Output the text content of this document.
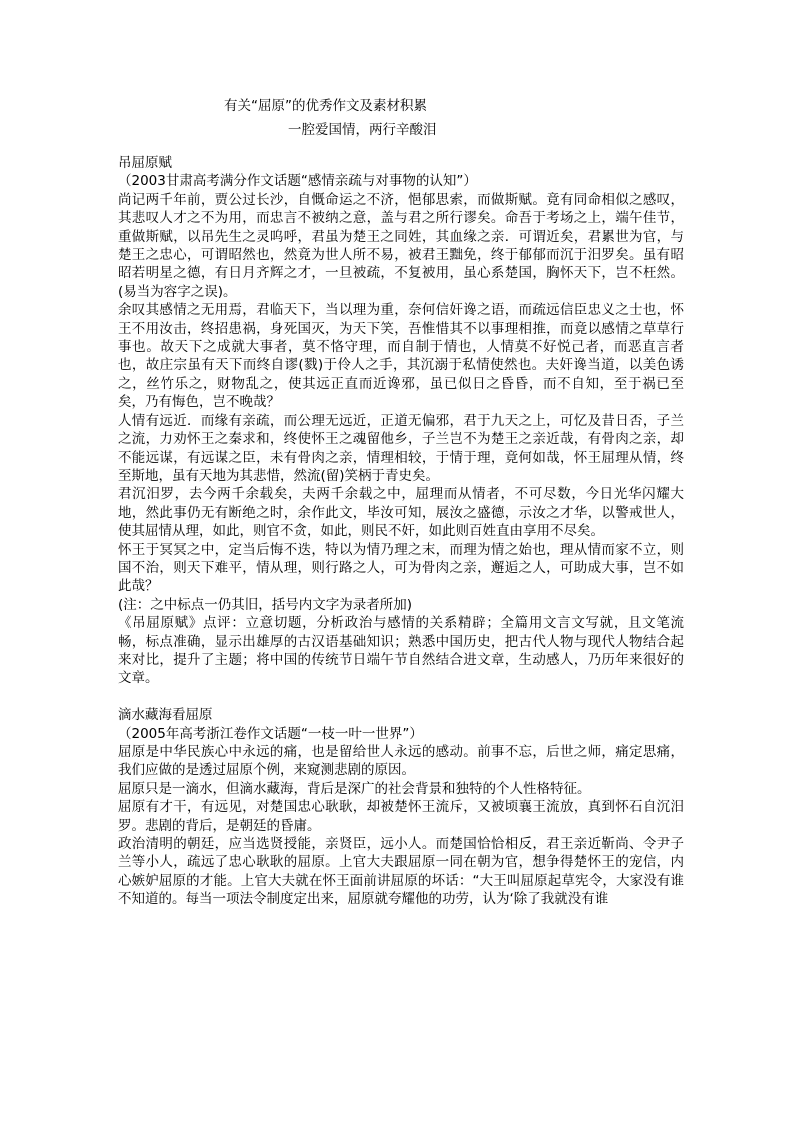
有关“屈原”的优秀作文及素材积累
一腔爱国情，两行辛酸泪

吊屈原赋

（2003甘肃高考满分作文话题“感情亲疏与对事物的认知”）

尚记两千年前，贾公过长沙，自慨命运之不济，悒郁思索，而做斯赋。竟有同命相似之感叹，其悲叹人才之不为用，而忠言不被纳之意，盖与君之所行谬矣。命吾于考场之上，端午佳节，重做斯赋，以吊先生之灵呜呼，君虽为楚王之同姓，其血缘之亲．可谓近矣，君累世为官，与楚王之忠心，可谓昭然也，然竟为世人所不易，被君王黜免，终于郁郁而沉于汨罗矣。虽有昭昭若明星之德，有日月齐辉之才，一旦被疏，不复被用，虽心系楚国，胸怀天下，岂不枉然。(易当为容字之误)。

余叹其感情之无用焉，君临天下，当以理为重，奈何信奸谗之语，而疏远信臣忠义之士也，怀王不用汝击，终招患祸，身死国灭，为天下笑，吾惟惜其不以事理相推，而竟以感情之草草行事也。故天下之成就大事者，莫不恪守理，而自制于情也，人情莫不好悦己者，而恶直言者也，故庄宗虽有天下而终自谬(戮)于伶人之手，其沉溺于私情使然也。夫奸谗当道，以美色诱之，丝竹乐之，财物乱之，使其远正直而近谗邪，虽已似日之昏昏，而不自知，至于祸已至矣，乃有悔色，岂不晚哉？

人情有远近．而缘有亲疏，而公理无远近，正道无偏邪，君于九天之上，可忆及昔日否，子兰之流，力劝怀王之秦求和，终使怀王之魂留他乡，子兰岂不为楚王之亲近哉，有骨肉之亲，却不能远谋，有远谋之臣，未有骨肉之亲，情理相较，于情于理，竟何如哉，怀王屈理从情，终至斯地，虽有天地为其悲惜，然流(留)笑柄于青史矣。

君沉汨罗，去今两千余载矣，夫两千余载之中，屈理而从情者，不可尽数，今日光华闪耀大地，然此事仍无有断绝之时，余作此文，毕汝可知，展汝之盛德，示汝之才华，以警戒世人，使其屈情从理，如此，则官不贪，如此，则民不奸，如此则百姓直由享用不尽矣。

怀王于冥冥之中，定当后悔不迭，特以为情乃理之末，而理为情之始也，理从情而家不立，则国不治，则天下难平，情从理，则行路之人，可为骨肉之亲，邂逅之人，可助成大事，岂不如此哉？

(注：之中标点一仍其旧，括号内文字为录者所加)

《吊屈原赋》点评：立意切题，分析政治与感情的关系精辟；全篇用文言文写就，且文笔流畅，标点准确，显示出雄厚的古汉语基础知识；熟悉中国历史，把古代人物与现代人物结合起来对比，提升了主题；将中国的传统节日端午节自然结合进文章，生动感人，乃历年来很好的文章。

滴水藏海看屈原

（2005年高考浙江卷作文话题“一枝一叶一世界”）

屈原是中华民族心中永远的痛，也是留给世人永远的感动。前事不忘，后世之师，痛定思痛，我们应做的是透过屈原个例，来窥测悲剧的原因。

屈原只是一滴水，但滴水藏海，背后是深广的社会背景和独特的个人性格特征。

屈原有才干，有远见，对楚国忠心耿耿，却被楚怀王流斥，又被顷襄王流放，真到怀石自沉汨罗。悲剧的背后，是朝廷的昏庸。

政治清明的朝廷，应当选贤授能，亲贤臣，远小人。而楚国恰恰相反，君王亲近靳尚、令尹子兰等小人，疏远了忠心耿耿的屈原。上官大夫跟屈原一同在朝为官，想争得楚怀王的宠信，内心嫉妒屈原的才能。上官大夫就在怀王面前讲屈原的坏话：“大王叫屈原起草宪令，大家没有谁不知道的。每当一项法令制度定出来，屈原就夸耀他的功劳，认为‘除了我就没有谁
